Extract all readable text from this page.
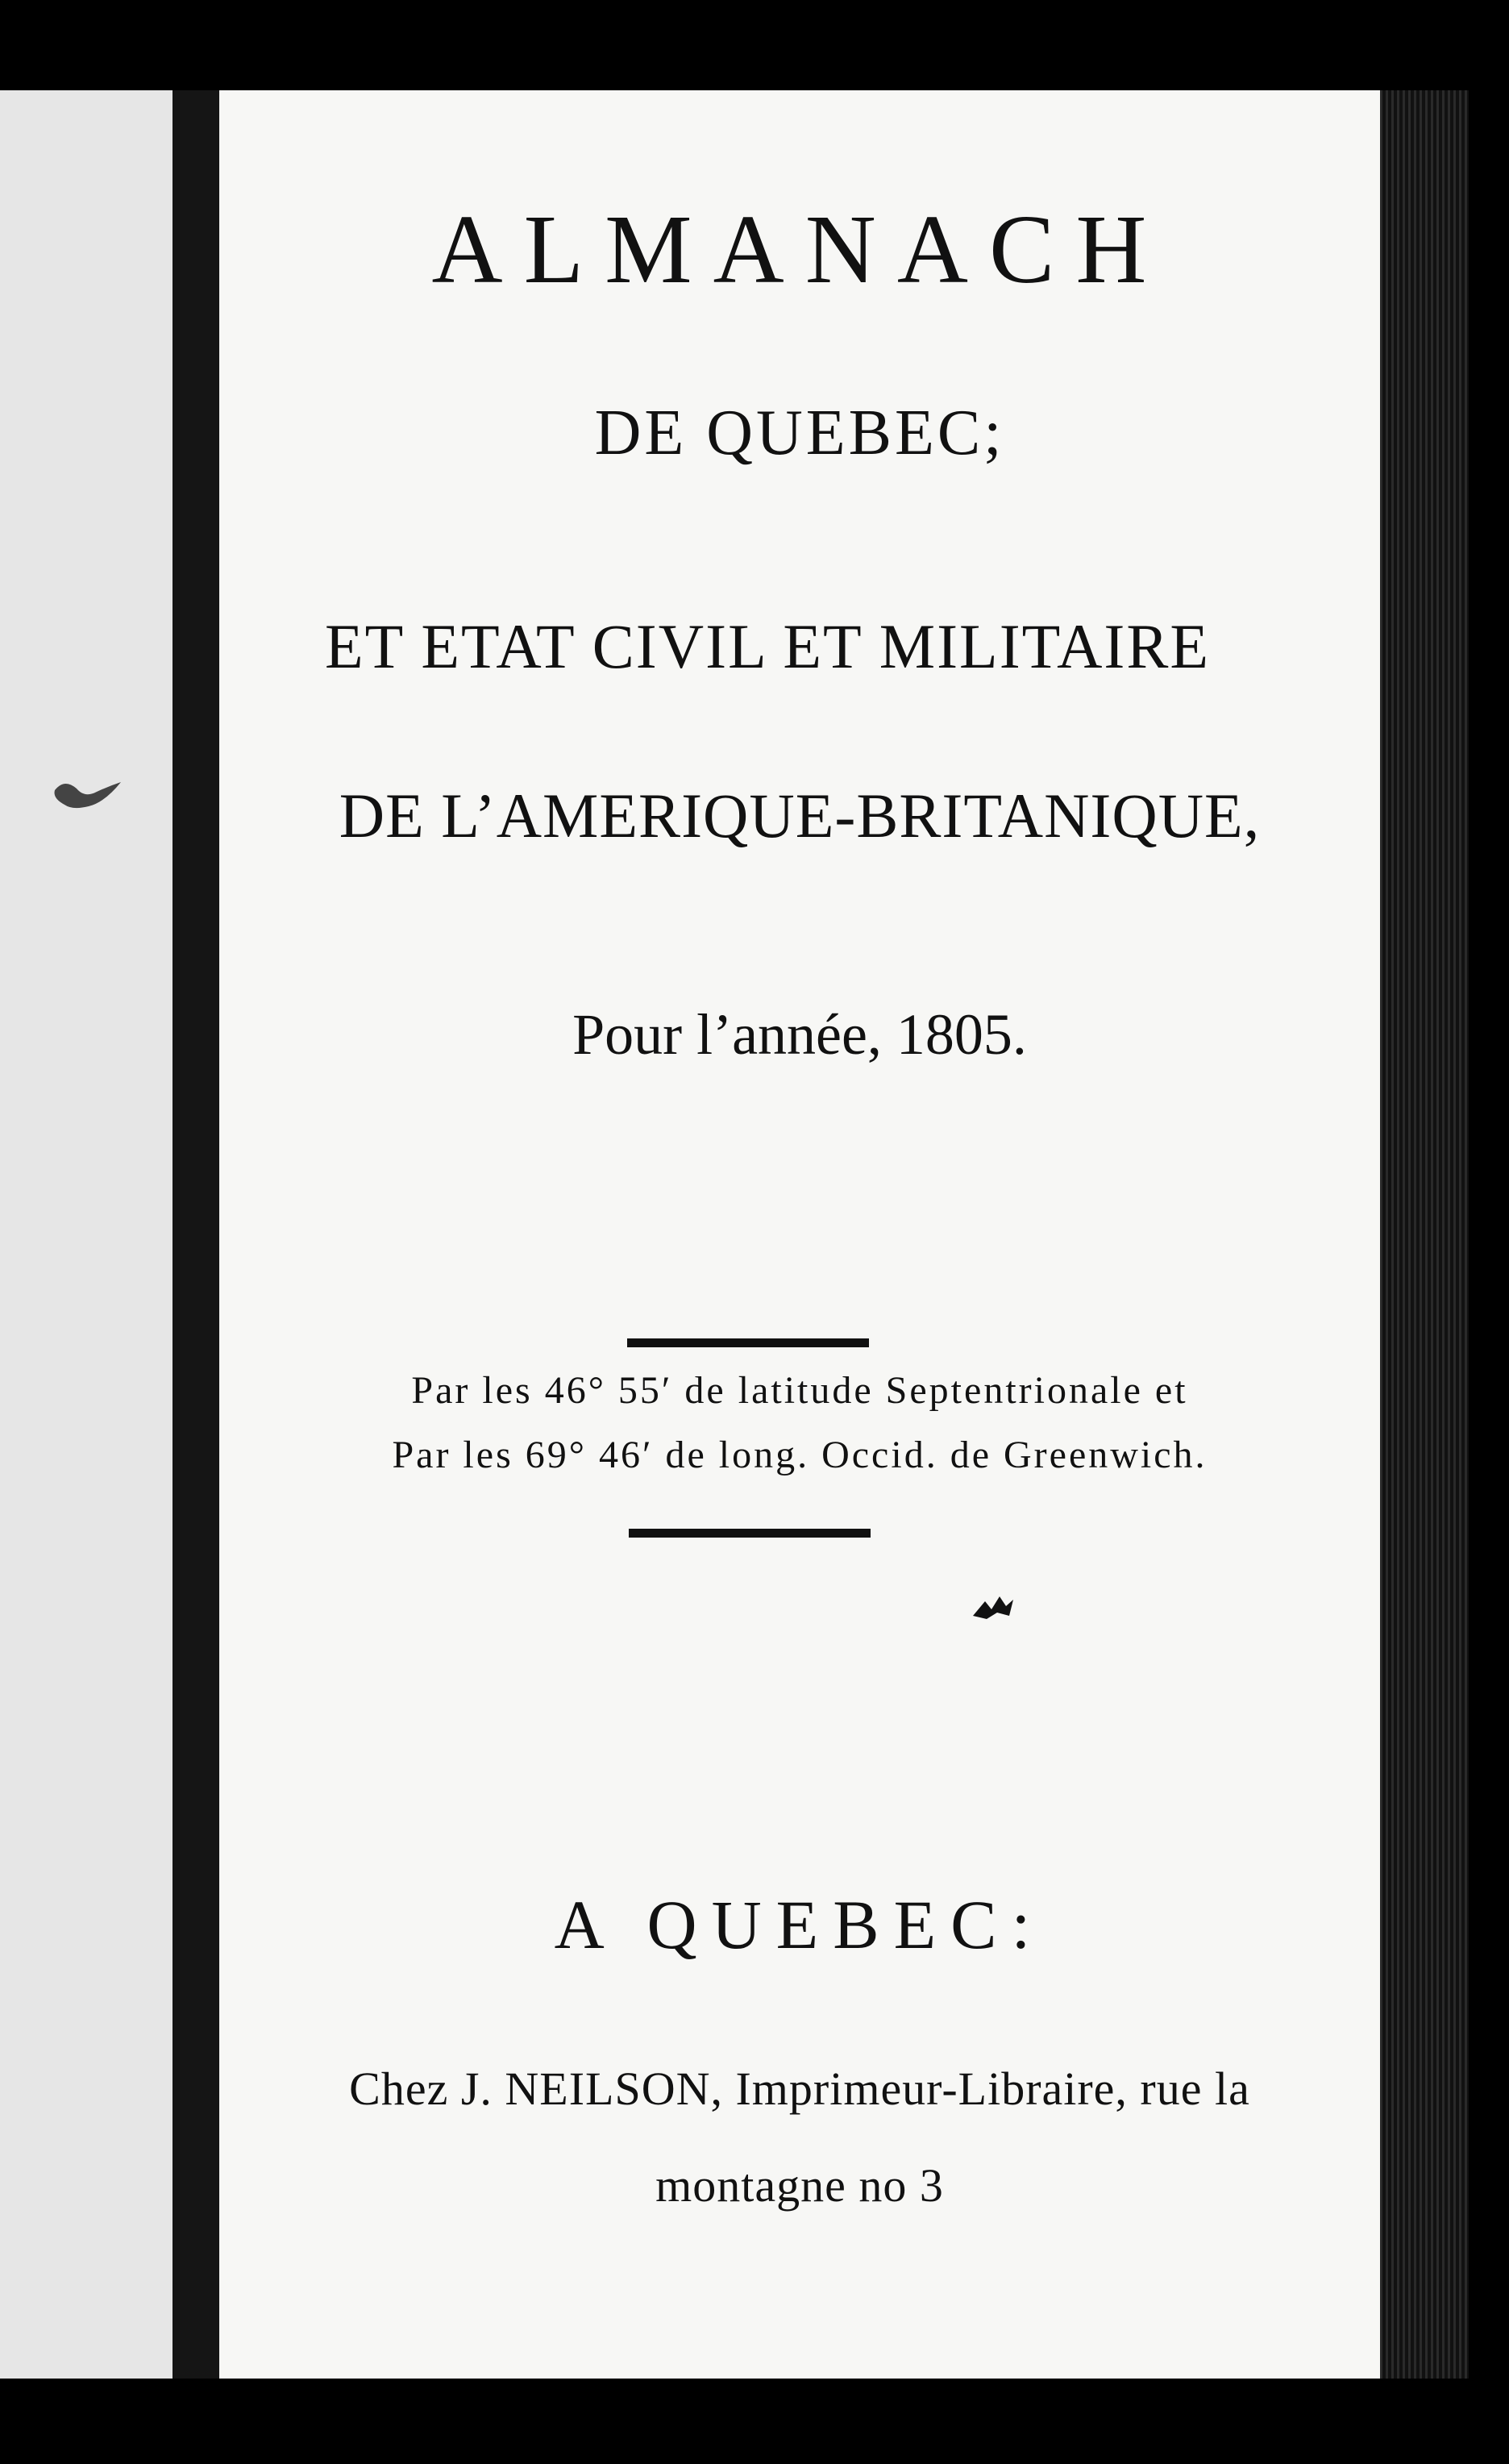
ALMANACH
DE QUEBEC;
ET ETAT CIVIL ET MILITAIRE
DE L’AMERIQUE-BRITANIQUE,
Pour l’année, 1805.
Par les 46° 55′ de latitude Septentrionale et
Par les 69° 46′ de long. Occid. de Greenwich.
A QUEBEC:
Chez J. NEILSON, Imprimeur-Libraire, rue la
montagne no 3
